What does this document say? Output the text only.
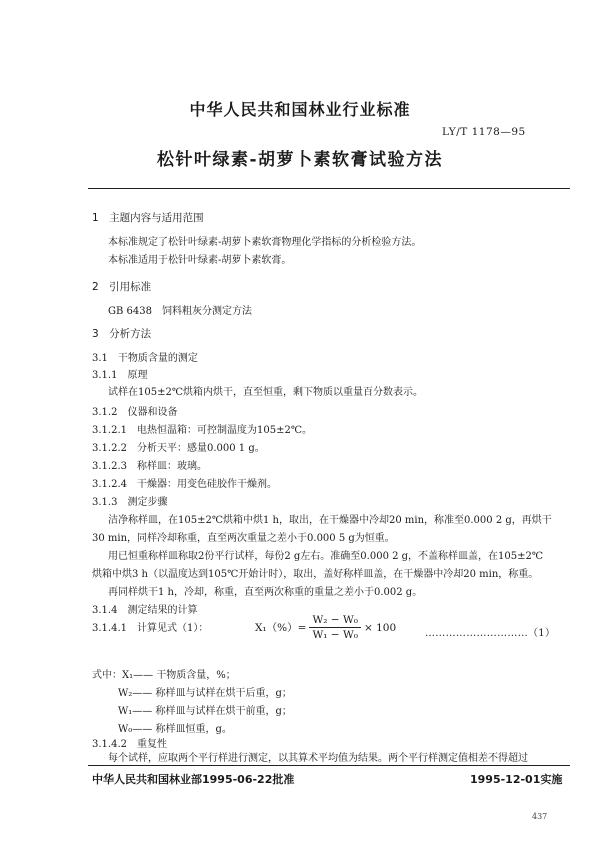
中华人民共和国林业行业标准
LY/T 1178—95
松针叶绿素-胡萝卜素软膏试验方法
1　主题内容与适用范围
本标准规定了松针叶绿素-胡萝卜素软膏物理化学指标的分析检验方法。
本标准适用于松针叶绿素-胡萝卜素软膏。
2　引用标准
GB 6438　饲料粗灰分测定方法
3　分析方法
3.1　干物质含量的测定
3.1.1　原理
试样在105±2℃烘箱内烘干，直至恒重，剩下物质以重量百分数表示。
3.1.2　仪器和设备
3.1.2.1　电热恒温箱：可控制温度为105±2℃。
3.1.2.2　分析天平：感量0.000 1 g。
3.1.2.3　称样皿：玻璃。
3.1.2.4　干燥器：用变色硅胶作干燥剂。
3.1.3　测定步骤
洁净称样皿，在105±2℃烘箱中烘1 h，取出，在干燥器中冷却20 min，称准至0.000 2 g，再烘干
30 min，同样冷却称重，直至两次重量之差小于0.000 5 g为恒重。
用已恒重称样皿称取2份平行试样，每份2 g左右。准确至0.000 2 g，不盖称样皿盖，在105±2℃
烘箱中烘3 h（以温度达到105℃开始计时），取出，盖好称样皿盖，在干燥器中冷却20 min，称重。
再同样烘干1 h，冷却，称重，直至两次称重的重量之差小于0.002 g。
3.1.4　测定结果的计算
3.1.4.1　计算见式（1）：	$X_1(\%)= \frac{\text{W₂ − W₀}}{\text{W₁ − W₀}} \times 100$	…………………………（1）
式中：X₁—— 干物质含量，%；
W₂—— 称样皿与试样在烘干后重，g；
W₁—— 称样皿与试样在烘干前重，g；
W₀—— 称样皿恒重，g。
3.1.4.2　重复性
每个试样，应取两个平行样进行测定，以其算术平均值为结果。两个平行样测定值相差不得超过
中华人民共和国林业部1995-06-22批准	1995-12-01实施
437
